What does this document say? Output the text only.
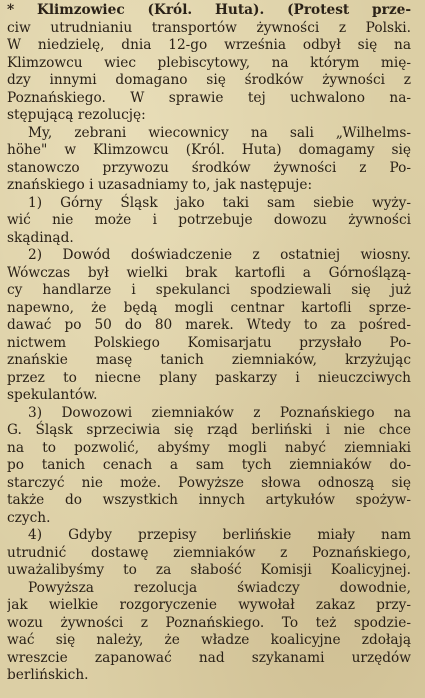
* Klimzowiec (Król. Huta). (Protest prze-
ciw utrudnianiu transportów żywności z Polski.
W niedzielę, dnia 12-go września odbył się na
Klimzowcu wiec plebiscytowy, na którym mię-
dzy innymi domagano się środków żywności z
Poznańskiego. W sprawie tej uchwalono na-
stępującą rezolucję:
My, zebrani wiecownicy na sali „Wilhelms-
höhe" w Klimzowcu (Król. Huta) domagamy się
stanowczo przywozu środków żywności z Po-
znańskiego i uzasadniamy to, jak następuje:
1) Górny Śląsk jako taki sam siebie wyży-
wić nie może i potrzebuje dowozu żywności
skądinąd.
2) Dowód doświadczenie z ostatniej wiosny.
Wówczas był wielki brak kartofli a Górnoślązą-
cy handlarze i spekulanci spodziewali się już
napewno, że będą mogli centnar kartofli sprze-
dawać po 50 do 80 marek. Wtedy to za pośred-
nictwem Polskiego Komisarjatu przysłało Po-
znańskie masę tanich ziemniaków, krzyżując
przez to niecne plany paskarzy i nieuczciwych
spekulantów.
3) Dowozowi ziemniaków z Poznańskiego na
G. Śląsk sprzeciwia się rząd berliński i nie chce
na to pozwolić, abyśmy mogli nabyć ziemniaki
po tanich cenach a sam tych ziemniaków do-
starczyć nie może. Powyższe słowa odnoszą się
także do wszystkich innych artykułów spożyw-
czych.
4) Gdyby przepisy berlińskie miały nam
utrudnić dostawę ziemniaków z Poznańskiego,
uważalibyśmy to za słabość Komisji Koalicyjnej.
Powyższa rezolucja świadczy dowodnie,
jak wielkie rozgoryczenie wywołał zakaz przy-
wozu żywności z Poznańskiego. To też spodzie-
wać się należy, że władze koalicyjne zdołają
wreszcie zapanować nad szykanami urzędów
berlińskich.
